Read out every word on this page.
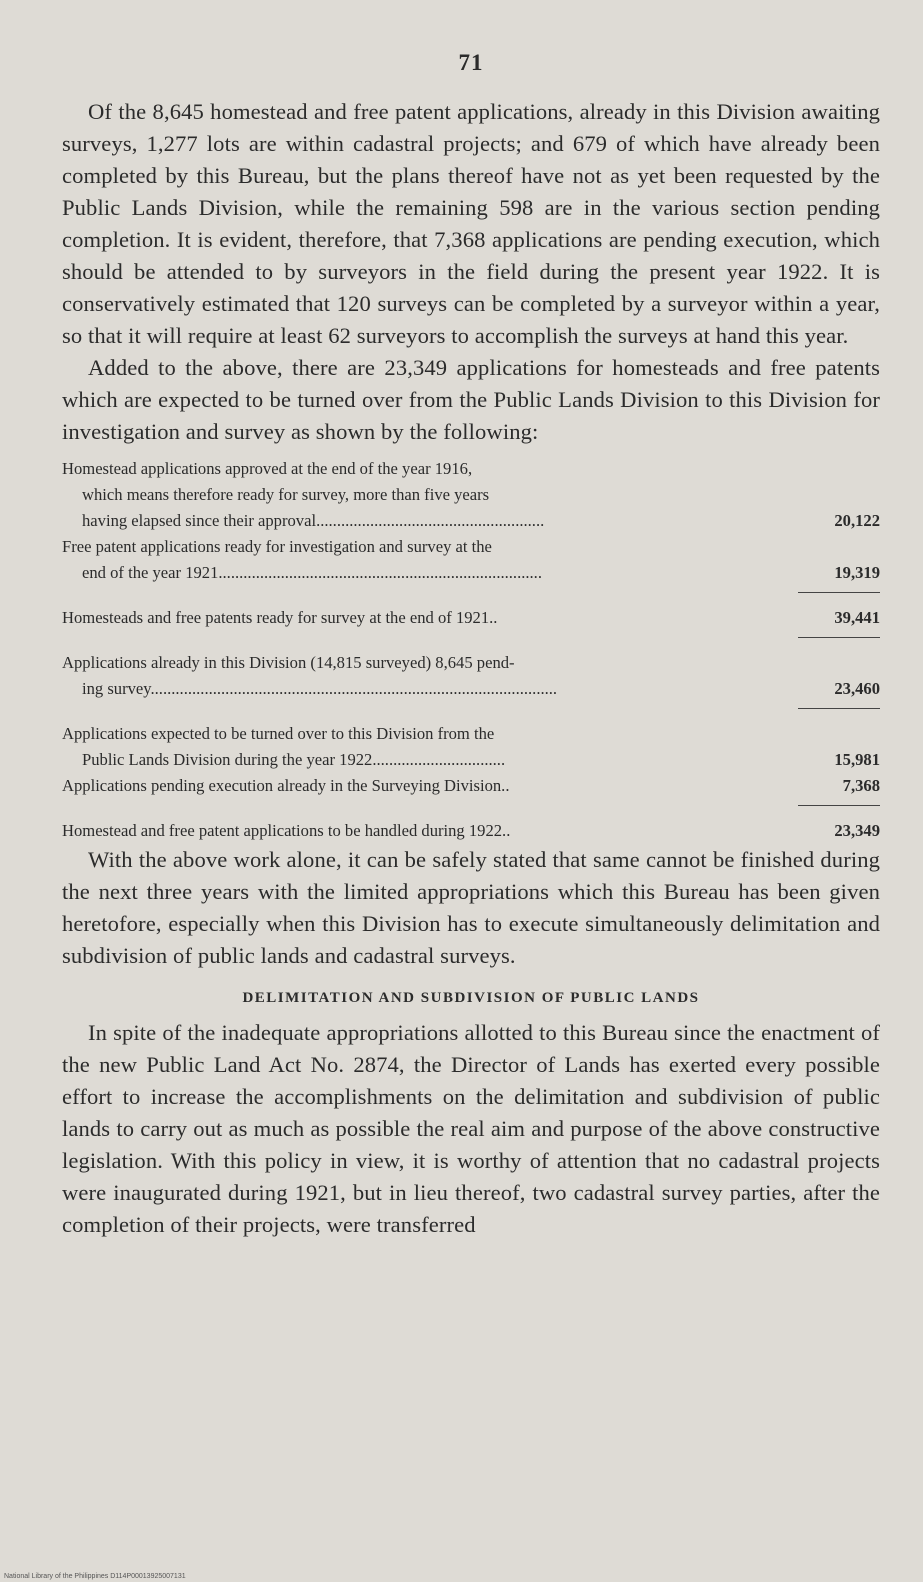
71

Of the 8,645 homestead and free patent applications, already in this Division awaiting surveys, 1,277 lots are within cadastral projects; and 679 of which have already been completed by this Bureau, but the plans thereof have not as yet been requested by the Public Lands Division, while the remaining 598 are in the various section pending completion. It is evident, therefore, that 7,368 applications are pending execution, which should be attended to by surveyors in the field during the present year 1922. It is conservatively estimated that 120 surveys can be completed by a surveyor within a year, so that it will require at least 62 surveyors to accomplish the surveys at hand this year.

Added to the above, there are 23,349 applications for homesteads and free patents which are expected to be turned over from the Public Lands Division to this Division for investigation and survey as shown by the following:

Homestead applications approved at the end of the year 1916,
which means therefore ready for survey, more than five years
having elapsed since their approval.......................................................	20,122
Free patent applications ready for investigation and survey at the
end of the year 1921..............................................................................	19,319
Homesteads and free patents ready for survey at the end of 1921..	39,441
Applications already in this Division (14,815 surveyed) 8,645 pend-
ing survey..................................................................................................	23,460
Applications expected to be turned over to this Division from the
Public Lands Division during the year 1922................................	15,981
Applications pending execution already in the Surveying Division..	7,368
Homestead and free patent applications to be handled during 1922..	23,349

With the above work alone, it can be safely stated that same cannot be finished during the next three years with the limited appropriations which this Bureau has been given heretofore, especially when this Division has to execute simultaneously delimitation and subdivision of public lands and cadastral surveys.

DELIMITATION AND SUBDIVISION OF PUBLIC LANDS

In spite of the inadequate appropriations allotted to this Bureau since the enactment of the new Public Land Act No. 2874, the Director of Lands has exerted every possible effort to increase the accomplishments on the delimitation and subdivision of public lands to carry out as much as possible the real aim and purpose of the above constructive legislation. With this policy in view, it is worthy of attention that no cadastral projects were inaugurated during 1921, but in lieu thereof, two cadastral survey parties, after the completion of their projects, were transferred

National Library of the Philippines D114P00013925007131
